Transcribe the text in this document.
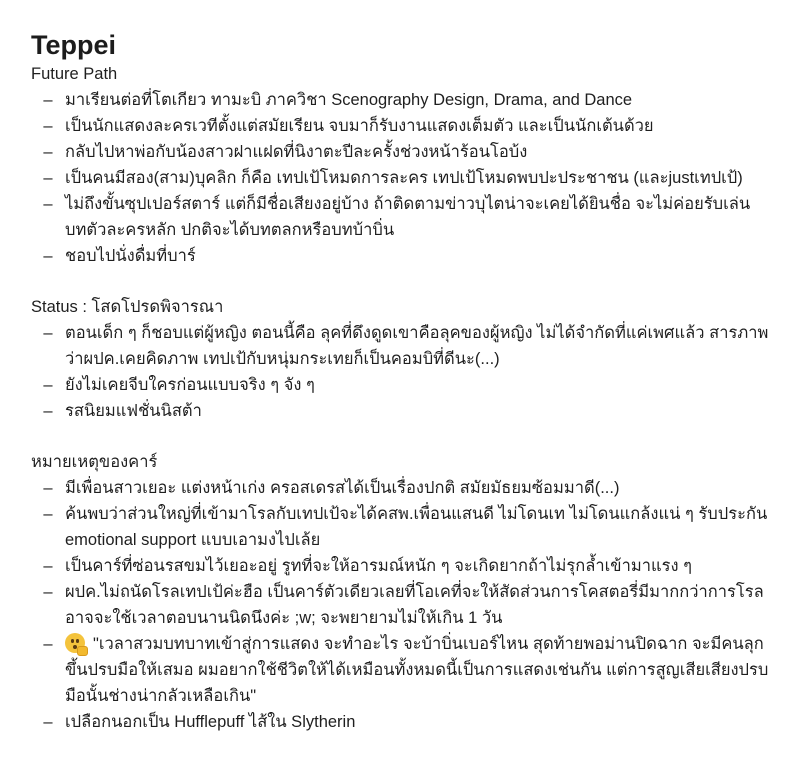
Teppei
Future Path
– มาเรียนต่อที่โตเกียว ทามะบิ ภาควิชา Scenography Design, Drama, and Dance
– เป็นนักแสดงละครเวทีตั้งแต่สมัยเรียน จบมาก็รับงานแสดงเต็มตัว และเป็นนักเต้นด้วย
– กลับไปหาพ่อกับน้องสาวฝาแฝดที่นิงาตะปีละครั้งช่วงหน้าร้อนโอบ้ง
– เป็นคนมีสอง(สาม)บุคลิก ก็คือ เทปเป้โหมดการละคร เทปเป้โหมดพบปะประชาชน (และjustเทปเป้)
– ไม่ถึงขั้นซุปเปอร์สตาร์ แต่ก็มีชื่อเสียงอยู่บ้าง ถ้าติดตามข่าวบุไตน่าจะเคยได้ยินชื่อ จะไม่ค่อยรับเล่นบทตัวละครหลัก ปกติจะได้บทตลกหรือบทบ้าบิ่น
– ชอบไปนั่งดื่มที่บาร์
Status : โสดโปรดพิจารณา
– ตอนเด็ก ๆ ก็ชอบแต่ผู้หญิง ตอนนี้คือ ลุคที่ดึงดูดเขาคือลุคของผู้หญิง ไม่ได้จำกัดที่แค่เพศแล้ว สารภาพว่าผปค.เคยคิดภาพ เทปเป้กับหนุ่มกระเทยก็เป็นคอมบิที่ดีนะ(...)
– ยังไม่เคยจีบใครก่อนแบบจริง ๆ จัง ๆ
– รสนิยมแฟชั่นนิสต้า
หมายเหตุของคาร์
– มีเพื่อนสาวเยอะ แต่งหน้าเก่ง ครอสเดรสได้เป็นเรื่องปกติ สมัยมัธยมซ้อมมาดี(...)
– ค้นพบว่าส่วนใหญ่ที่เข้ามาโรลกับเทปเป้จะได้คสพ.เพื่อนแสนดี ไม่โดนเท ไม่โดนแกล้งแน่ ๆ รับประกัน emotional support แบบเอามงไปเล้ย
– เป็นคาร์ที่ซ่อนรสขมไว้เยอะอยู่ รูทที่จะให้อารมณ์หนัก ๆ จะเกิดยากถ้าไม่รุกล้ำเข้ามาแรง ๆ
– ผปค.ไม่ถนัดโรลเทปเป้ค่ะฮือ เป็นคาร์ตัวเดียวเลยที่โอเคที่จะให้สัดส่วนการโคสตอรี่มีมากกว่าการโรล อาจจะใช้เวลาตอบนานนิดนึงค่ะ ;w; จะพยายามไม่ให้เกิน 1 วัน
– "เวลาสวมบทบาทเข้าสู่การแสดง จะทำอะไร จะบ้าบิ่นเบอร์ไหน สุดท้ายพอม่านปิดฉาก จะมีคนลุกขึ้นปรบมือให้เสมอ ผมอยากใช้ชีวิตให้ได้เหมือนทั้งหมดนี้เป็นการแสดงเช่นกัน แต่การสูญเสียเสียงปรบมือนั้นช่างน่ากลัวเหลือเกิน"
– เปลือกนอกเป็น Hufflepuff ไส้ใน Slytherin
